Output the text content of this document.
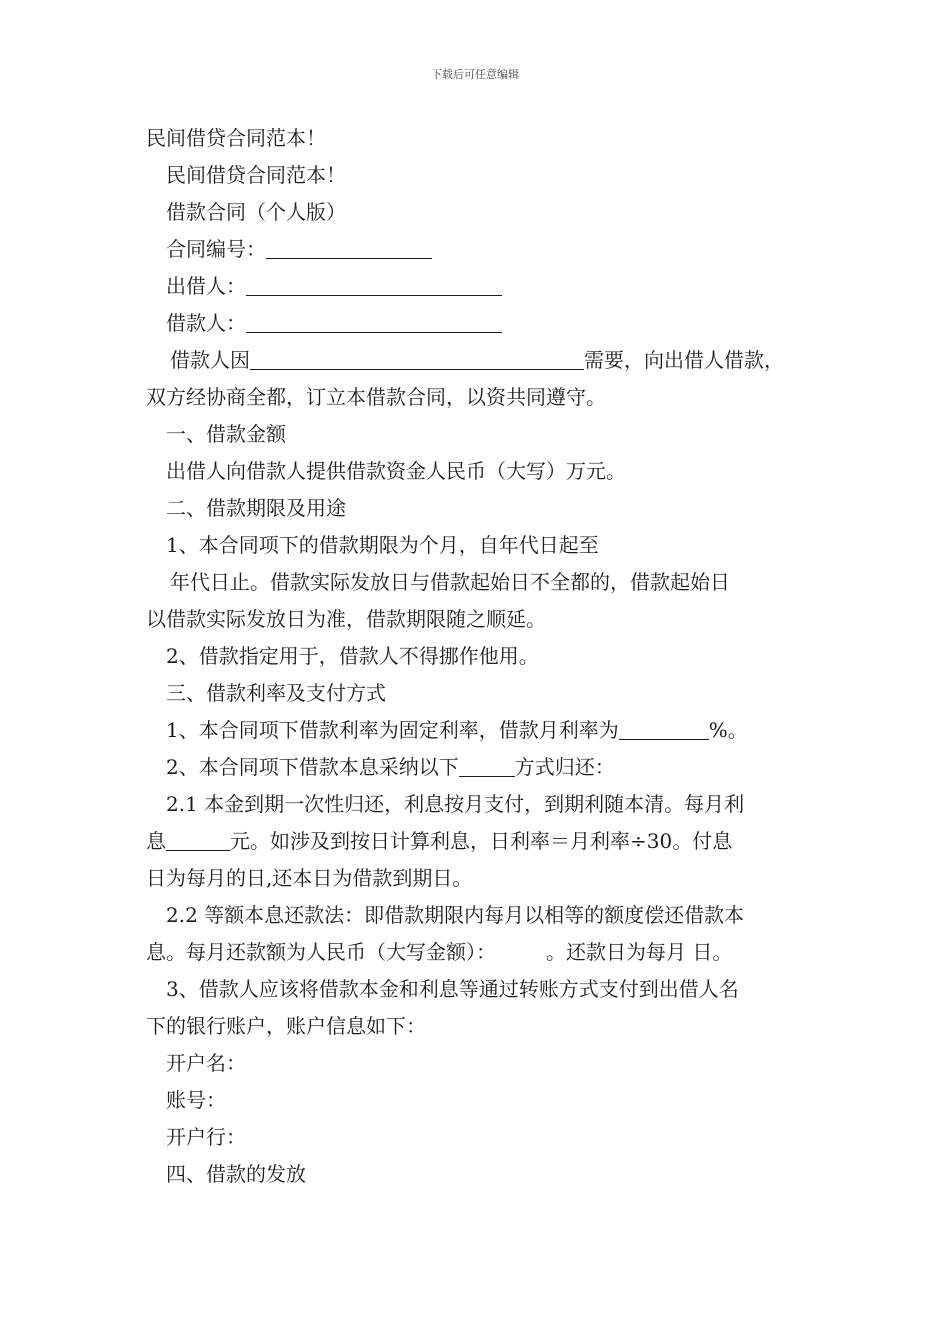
下载后可任意编辑
民间借贷合同范本！
民间借贷合同范本！
借款合同（个人版）
合同编号：
出借人：
借款人：
借款人因	需要，向出借人借款，
双方经协商全都，订立本借款合同，以资共同遵守。
一、借款金额
出借人向借款人提供借款资金人民币（大写）万元。
二、借款期限及用途
1、本合同项下的借款期限为个月，自年代日起至
年代日止。借款实际发放日与借款起始日不全都的，借款起始日
以借款实际发放日为准，借款期限随之顺延。
2、借款指定用于，借款人不得挪作他用。
三、借款利率及支付方式
1、本合同项下借款利率为固定利率，借款月利率为	%。
2、本合同项下借款本息采纳以下	方式归还：
2.1 本金到期一次性归还，利息按月支付，到期利随本清。每月利
息	元。如涉及到按日计算利息，日利率＝月利率÷30。付息
日为每月的日,还本日为借款到期日。
2.2 等额本息还款法：即借款期限内每月以相等的额度偿还借款本
息。每月还款额为人民币（大写金额）：　　　。还款日为每月 日。
3、借款人应该将借款本金和利息等通过转账方式支付到出借人名
下的银行账户，账户信息如下：
开户名：
账号：
开户行：
四、借款的发放
